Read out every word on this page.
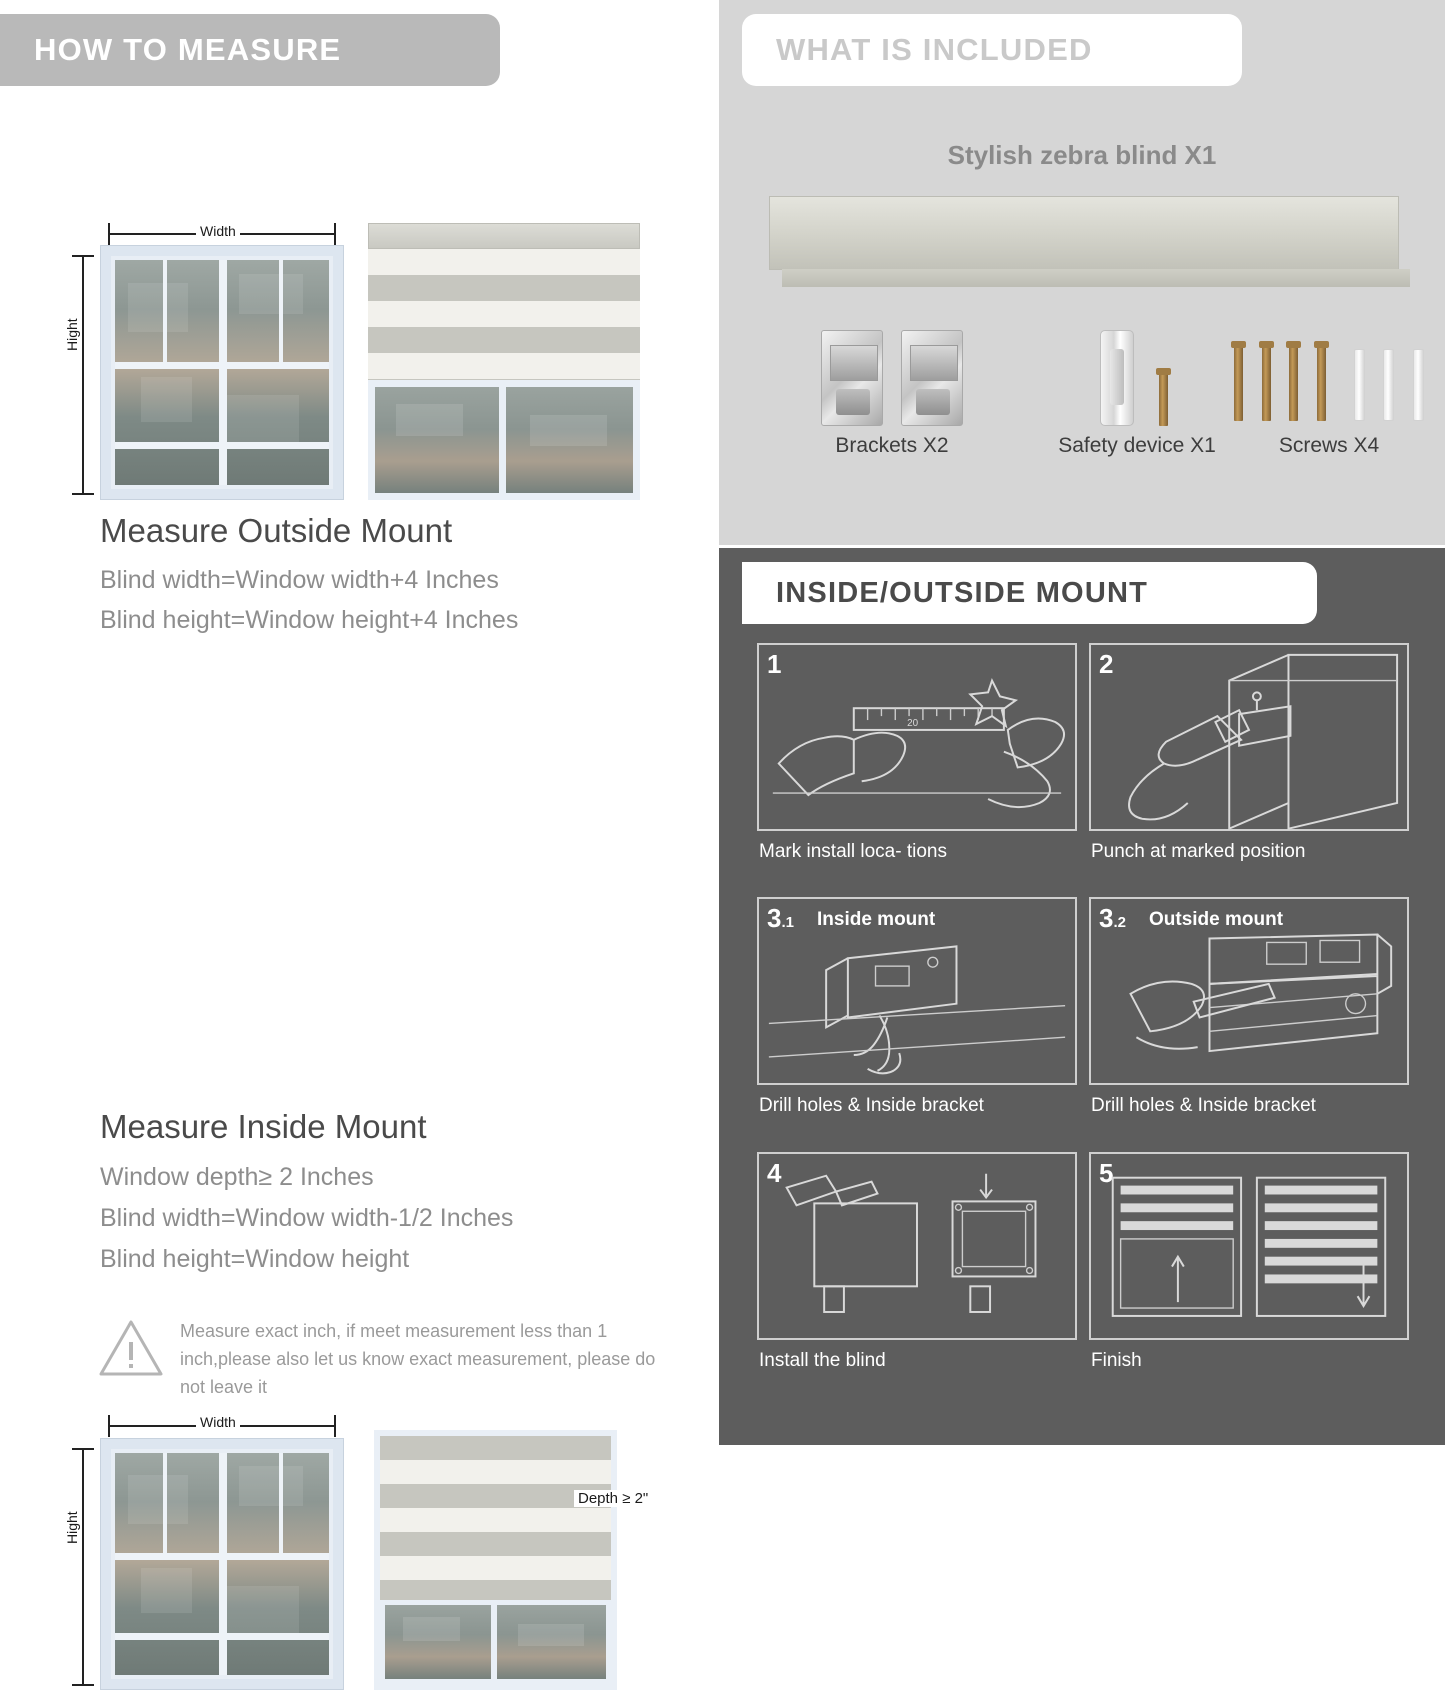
HOW TO MEASURE
Width
Hight
Measure Outside Mount

Blind width=Window width+4 Inches

Blind height=Window height+4 Inches

Width
Hight
Depth ≥ 2"
Measure Inside Mount

Window depth≥ 2 Inches

Blind width=Window width-1/2 Inches

Blind height=Window height

Measure exact inch, if meet measurement less than 1 inch,please also let us know exact measurement, please do not leave it
Stylish zebra blind X1
Brackets X2	Safety device X1

	Screws X4
WHAT IS INCLUDED
INSIDE/OUTSIDE MOUNT
1
20
Mark install loca- tions
2
Punch at marked position
3.1 Inside mount
Drill holes & Inside bracket
3.2 Outside mount
Drill holes & Inside bracket
4
Install the blind
5
Finish
